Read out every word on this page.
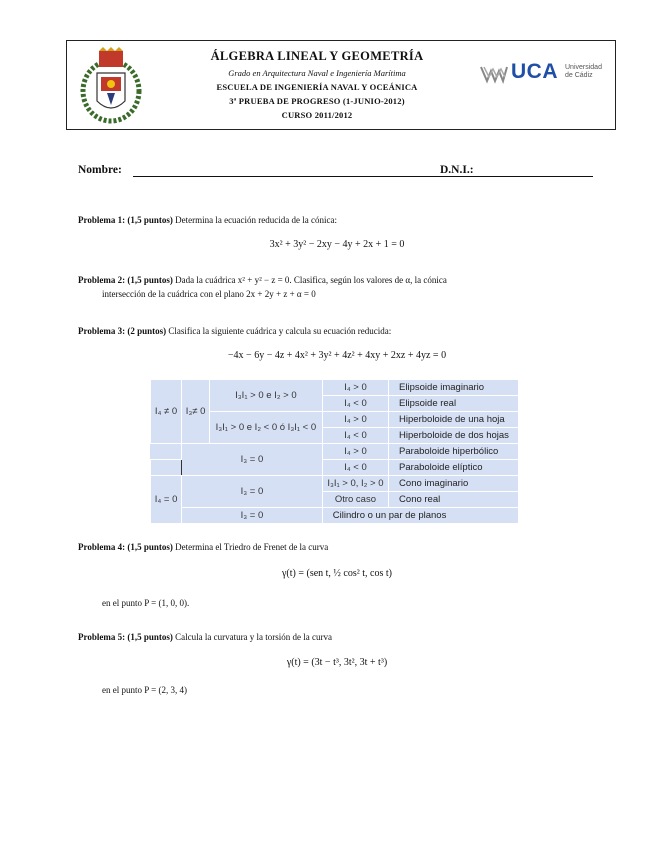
ÁLGEBRA LINEAL Y GEOMETRÍA
Grado en Arquitectura Naval e Ingeniería Marítima
ESCUELA DE INGENIERÍA NAVAL Y OCEÁNICA
3ª PRUEBA DE PROGRESO (1-JUNIO-2012)
CURSO 2011/2012
UCA Universidad
de Cádiz
Nombre:	D.N.I.:
Problema 1: (1,5 puntos) Determina la ecuación reducida de la cónica:
3x² + 3y² − 2xy − 4y + 2x + 1 = 0
Problema 2: (1,5 puntos) Dada la cuádrica x² + y² − z = 0. Clasifica, según los valores de α, la cónica
intersección de la cuádrica con el plano 2x + 2y + z + α = 0
Problema 3: (2 puntos) Clasifica la siguiente cuádrica y calcula su ecuación reducida:
−4x − 6y − 4z + 4x² + 3y² + 4z² + 4xy + 2xz + 4yz = 0
I₄ ≠ 0	I₃≠ 0	I₃I₁ > 0 e I₂ > 0	I₄ > 0	Elipsoide imaginario
			I₄ < 0	Elipsoide real
		I₃I₁ > 0 e I₂ < 0 ó I₃I₁ < 0	I₄ > 0	Hiperboloide de una hoja
			I₄ < 0	Hiperboloide de dos hojas
	I₃ = 0		I₄ > 0	Paraboloide hiperbólico
			I₄ < 0	Paraboloide elíptico
I₄ = 0	I₃ = 0		I₃I₁ > 0, I₂ > 0	Cono imaginario
			Otro caso	Cono real
	I₃ = 0		Cilindro o un par de planos	
Problema 4: (1,5 puntos) Determina el Triedro de Frenet de la curva
γ(t) = (sen t, ½ cos² t, cos t)
en el punto P = (1, 0, 0).
Problema 5: (1,5 puntos) Calcula la curvatura y la torsión de la curva
γ(t) = (3t − t³, 3t², 3t + t³)
en el punto P = (2, 3, 4)
